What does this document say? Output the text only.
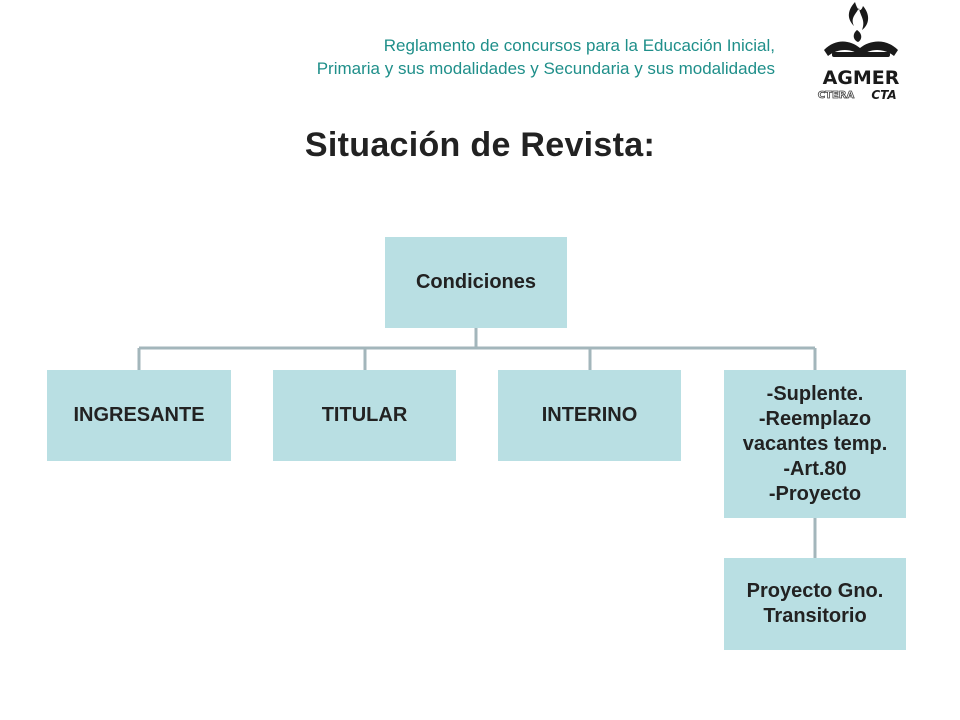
Reglamento de concursos para la Educación Inicial,
Primaria y sus modalidades y Secundaria y sus modalidades	AGMER
CTERA CTA
Situación de Revista:
Condiciones
INGRESANTE	TITULAR	INTERINO
-Suplente.
-Reemplazo
vacantes temp.
-Art.80
-Proyecto
Proyecto Gno.
Transitorio
